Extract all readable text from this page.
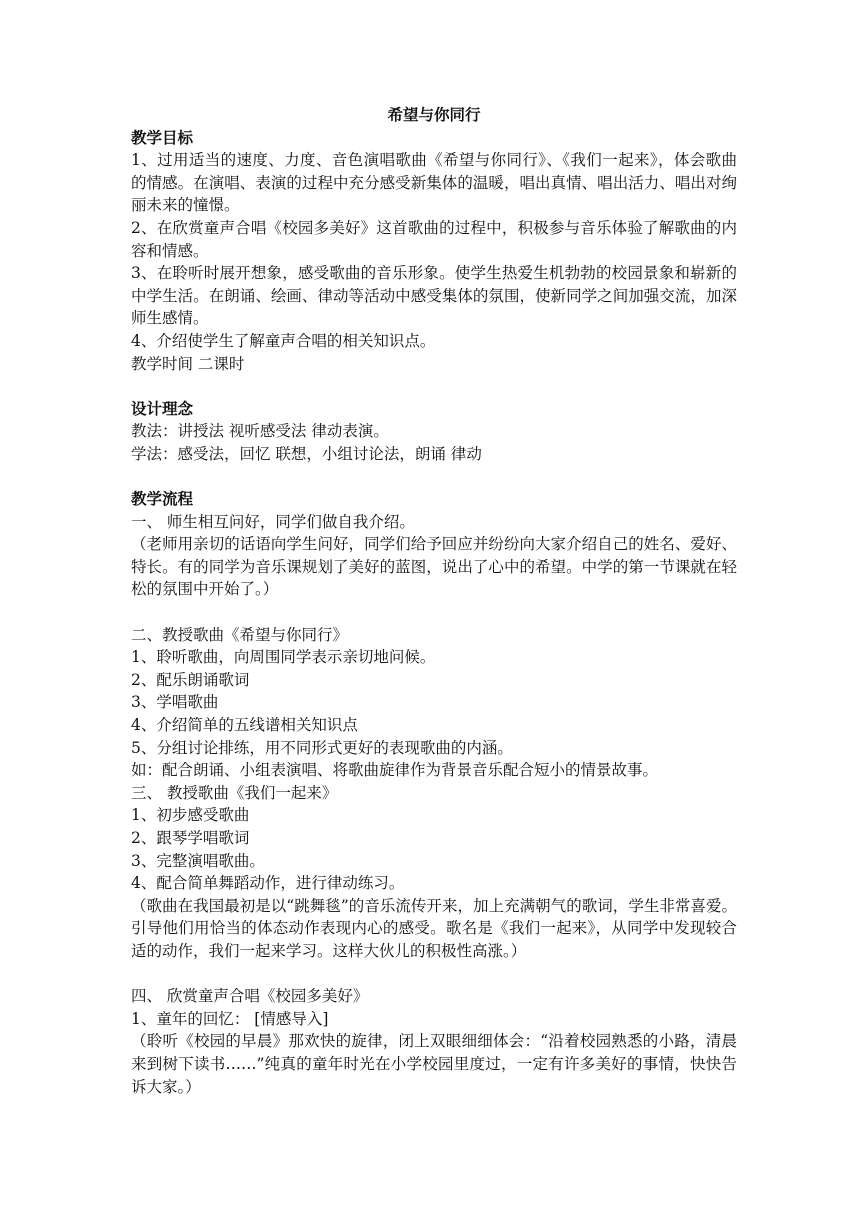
希望与你同行

教学目标

1、过用适当的速度、力度、音色演唱歌曲《希望与你同行》、《我们一起来》，体会歌曲的情感。在演唱、表演的过程中充分感受新集体的温暖，唱出真情、唱出活力、唱出对绚丽未来的憧憬。

2、在欣赏童声合唱《校园多美好》这首歌曲的过程中，积极参与音乐体验了解歌曲的内容和情感。

3、在聆听时展开想象，感受歌曲的音乐形象。使学生热爱生机勃勃的校园景象和崭新的中学生活。在朗诵、绘画、律动等活动中感受集体的氛围，使新同学之间加强交流，加深师生感情。

4、介绍使学生了解童声合唱的相关知识点。

教学时间 二课时

设计理念

教法：讲授法 视听感受法 律动表演。

学法：感受法，回忆 联想，小组讨论法，朗诵 律动

教学流程

一、 师生相互问好，同学们做自我介绍。

（老师用亲切的话语向学生问好，同学们给予回应并纷纷向大家介绍自己的姓名、爱好、特长。有的同学为音乐课规划了美好的蓝图，说出了心中的希望。中学的第一节课就在轻松的氛围中开始了。）

二、教授歌曲《希望与你同行》

1、聆听歌曲，向周围同学表示亲切地问候。

2、配乐朗诵歌词

3、学唱歌曲

4、介绍简单的五线谱相关知识点

5、分组讨论排练，用不同形式更好的表现歌曲的内涵。

如：配合朗诵、小组表演唱、将歌曲旋律作为背景音乐配合短小的情景故事。

三、 教授歌曲《我们一起来》

1、初步感受歌曲

2、跟琴学唱歌词

3、完整演唱歌曲。

4、配合简单舞蹈动作，进行律动练习。

（歌曲在我国最初是以“跳舞毯”的音乐流传开来，加上充满朝气的歌词，学生非常喜爱。引导他们用恰当的体态动作表现内心的感受。歌名是《我们一起来》，从同学中发现较合适的动作，我们一起来学习。这样大伙儿的积极性高涨。）

四、 欣赏童声合唱《校园多美好》

1、童年的回忆： [情感导入]

（聆听《校园的早晨》那欢快的旋律，闭上双眼细细体会：“沿着校园熟悉的小路，清晨来到树下读书……”纯真的童年时光在小学校园里度过，一定有许多美好的事情，快快告诉大家。）
